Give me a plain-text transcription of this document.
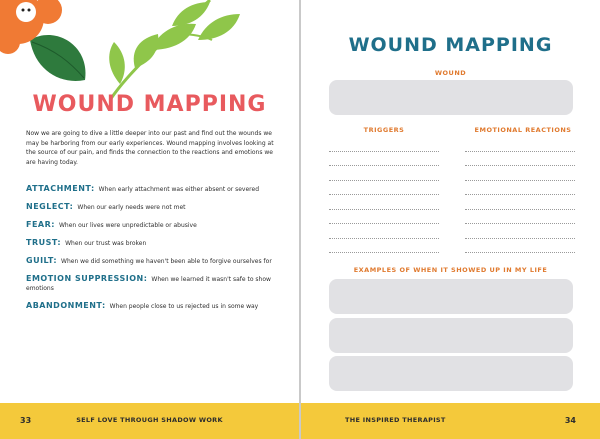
WOUND MAPPING

Now we are going to dive a little deeper into our past and find out the wounds we may be harboring from our early experiences. Wound mapping involves looking at the source of our pain, and finds the connection to the reactions and emotions we are having today.

ATTACHMENT: When early attachment was either absent or severed
NEGLECT: When our early needs were not met
FEAR: When our lives were unpredictable or abusive
TRUST: When our trust was broken
GUILT: When we did something we haven't been able to forgive ourselves for
EMOTION SUPPRESSION: When we learned it wasn't safe to show emotions
ABANDONMENT: When people close to us rejected us in some way
33	SELF LOVE THROUGH SHADOW WORK
WOUND MAPPING
WOUND
TRIGGERS	EMOTIONAL REACTIONS
EXAMPLES OF WHEN IT SHOWED UP IN MY LIFE
THE INSPIRED THERAPIST	34
